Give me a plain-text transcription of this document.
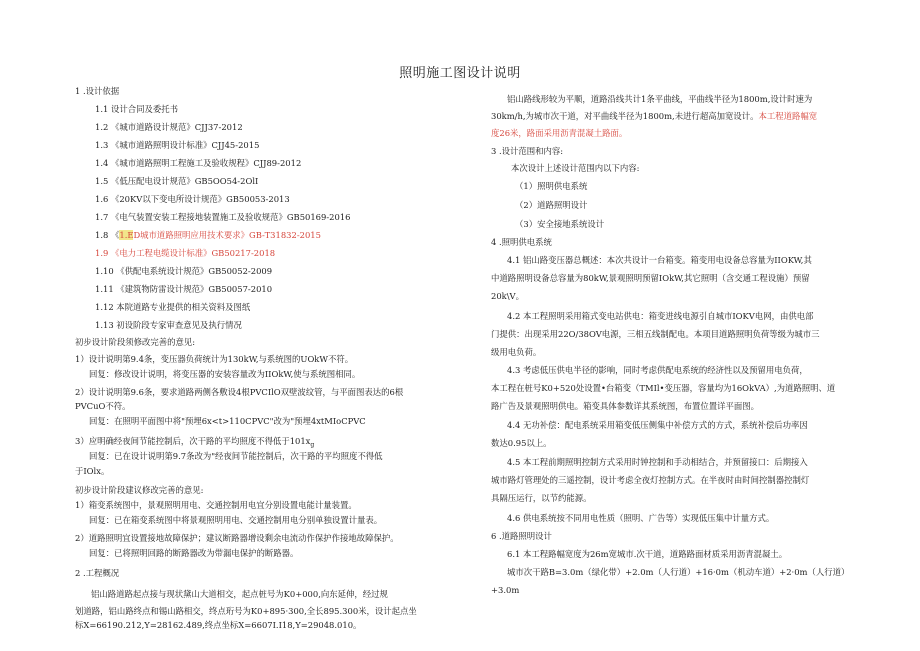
照明施工图设计说明
1 .设计依据
1.1 设计合同及委托书
1.2 《城市道路设计规范》CJJ37-2012
1.3 《城市道路照明设计标准》CJJ45-2015
1.4 《城市道路照明工程施工及验收规程》CJJ89-2012
1.5 《低压配电设计规范》GB5OO54-2OlI
1.6 《20KV以下变电所设计规范》GB50053-2013
1.7 《电气装置安装工程接地装置施工及验收规范》GB50169-2016
1.8 《1.ED城市道路照明应用技术要求》GB-T31832-2015
1.9 《电力工程电缆设计标准》GB50217-2018
1.10 《供配电系统设计规范》GB50052-2009
1.11 《建筑物防雷设计规范》GB50057-2010
1.12 本院道路专业提供的相关资料及图纸
1.13 初设阶段专家审查意见及执行情况
初步设计阶段须修改完善的意见:
1）设计说明第9.4条，变压器负荷统计为130kW,与系统图的UOkW不符。
回复：修改设计说明，将变压器的安装容量改为IIOkW,使与系统图相同。
2）设计说明第9.6条，要求道路两侧各敷设4根PVCIlO双壁波纹管，与平面图表达的6根
PVCuO不符。
回复：在照明平面图中将"预埋6x<t>110CPVC"改为"预埋4xtMIoCPVC
3）应明确经夜间节能控制后，次干路的平均照度不得低于$101x_g$
回复：已在设计说明第9.7条改为"经夜间节能控制后，次干路的平均照度不得低
于IOlx。
初步设计阶段建议修改完善的意见:
1）箱变系统图中，景观照明用电、交通控制用电宜分别设置电能计量装置。
回复：已在箱变系统图中将景观照明用电、交通控制用电分别单独设置计量表。
2）道路照明宜设置接地故障保护；建议断路器增设剩余电流动作保护作接地故障保护。
回复：已将照明回路的断路器改为带漏电保护的断路器。
2 .工程概况
铝山路道路起点接与现状黛山大道相交，起点桩号为K0+000,向东延伸，经过规
划道路，铝山路终点和锡山路相交，终点珩号为K0+895·300,全长895.300米，设计起点坐
标X=66190.212,Y=28162.489,终点坐标X=6607I.I18,Y=29048.010。
铝山路线形较为平顺，道路沿线共计1条平曲线，平曲线半径为1800m,设计时速为
30km/h,为城市次干道，对平曲线半径为1800m,未进行超高加宽设计。本工程道路幅宽
度26米，路面采用沥青混凝土路面。
3 .设计范围和内容:
本次设计上述设计范围内以下内容:
（1）照明供电系统
（2）道路照明设计
（3）安全接地系统设计
4 .照明供电系统
4.1 铝山路变压器总概述：本次共设计一台箱变。箱变用电设备总容量为IIOKW,其
中道路照明设备总容量为80kW,景观照明预留IOkW,其它照明（含交通工程设施）预留
20k\V。
4.2 本工程照明采用箱式变电站供电：箱变进线电源引自城市IOKV电网，由供电部
门提供：出现采用22O/38OV电源，三相五线制配电。本项目道路照明负荷等级为城市三
级用电负荷。
4.3 考虑低压供电半径的影响，同时考虑供配电系统的经济性以及预留用电负荷，
本工程在桩号K0+520处设置•台箱变（TMIl•变压器，容量均为16OkVA）,为道路照明、道
路广告及景观照明供电。箱变具体参数详其系统图，布置位置详平面图。
4.4 无功补偿：配电系统采用箱变低压侧集中补偿方式的方式，系统补偿后功率因
数达0.95以上。
4.5 本工程前期照明控制方式采用时钟控制和手动相结合，并预留接口：后期接入
城市路灯管理处的三遥控制，设计考虑全夜灯控制方式。在半夜时由时间控制器控制灯
具隔压运行，以节约能源。
4.6 供电系统按不同用电性质（照明、广告等）实现低压集中计量方式。
6 .道路照明设计
6.1 本工程路幅宽度为26m宽城市.次干道，道路路面材质采用沥青混凝土。
城市次干路B=3.0m（绿化带）+2.0m（人行道）+16·0m（机动车道）+2·0m（人行道）
+3.0m
